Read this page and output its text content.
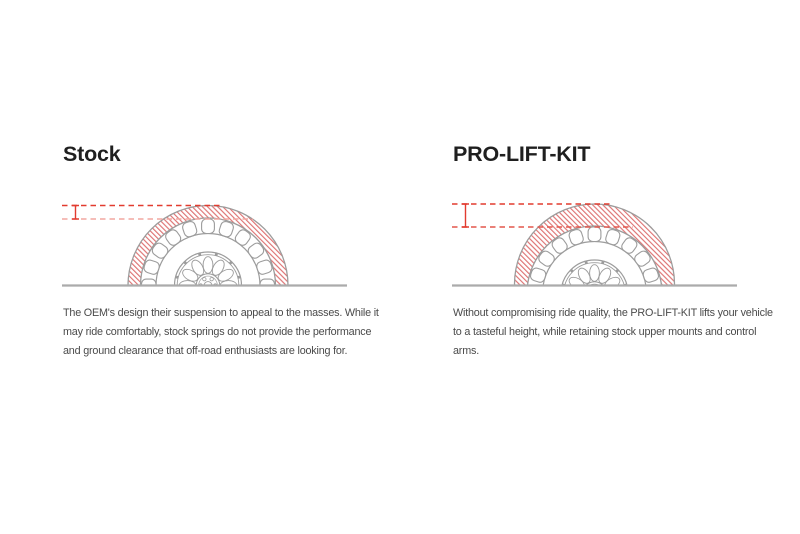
Stock	PRO-LIFT-KIT
The OEM's design their suspension to appeal to the masses. While it
may ride comfortably, stock springs do not provide the performance
and ground clearance that off-road enthusiasts are looking for.
Without compromising ride quality, the PRO-LIFT-KIT lifts your vehicle
to a tasteful height, while retaining stock upper mounts and control
arms.
